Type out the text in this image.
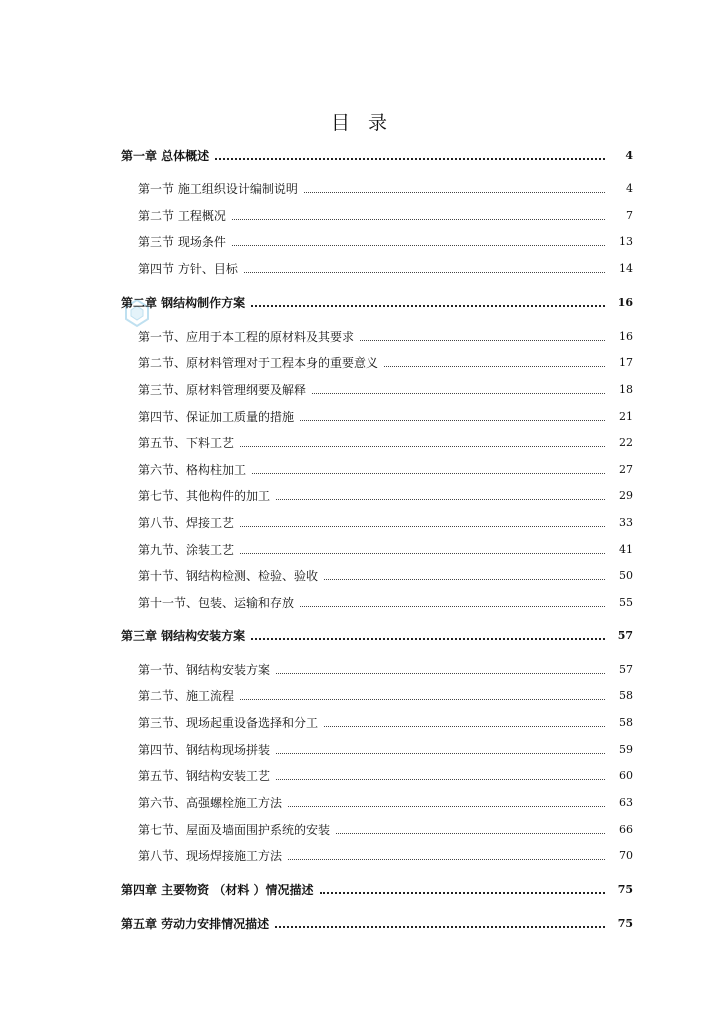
目 录
第一章 总体概述	4
第一节 施工组织设计编制说明	4
第二节 工程概况	7
第三节 现场条件	13
第四节 方针、目标	14
第二章 钢结构制作方案	16
第一节、应用于本工程的原材料及其要求	16
第二节、原材料管理对于工程本身的重要意义	17
第三节、原材料管理纲要及解释	18
第四节、保证加工质量的措施	21
第五节、下料工艺	22
第六节、格构柱加工	27
第七节、其他构件的加工	29
第八节、焊接工艺	33
第九节、涂装工艺	41
第十节、钢结构检测、检验、验收	50
第十一节、包装、运输和存放	55
第三章 钢结构安装方案	57
第一节、钢结构安装方案	57
第二节、施工流程	58
第三节、现场起重设备选择和分工	58
第四节、钢结构现场拼装	59
第五节、钢结构安装工艺	60
第六节、高强螺栓施工方法	63
第七节、屋面及墙面围护系统的安装	66
第八节、现场焊接施工方法	70
第四章 主要物资 （材料 ）情况描述	75
第五章 劳动力安排情况描述	75
